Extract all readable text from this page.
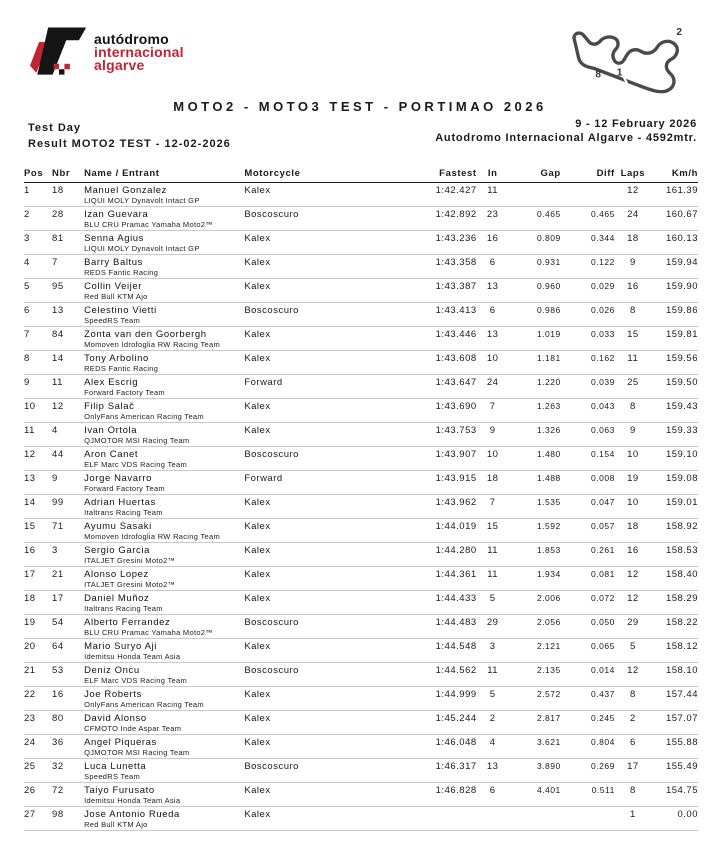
autódromo
internacional
algarve
2
1
8
MOTO2 - MOTO3 TEST - PORTIMAO 2026
Test Day
Result MOTO2 TEST - 12-02-2026
9 - 12 February 2026
Autodromo Internacional Algarve - 4592mtr.
Pos	Nbr	Name / Entrant	Motorcycle	Fastest	In	Gap	Diff	Laps	Km/h
1	18	Manuel Gonzalez
LIQUI MOLY Dynavolt Intact GP	Kalex	1:42.427	11			12	161.39
2	28	Izan Guevara
BLU CRU Pramac Yamaha Moto2™	Boscoscuro	1:42.892	23	0.465	0.465	24	160.67
3	81	Senna Agius
LIQUI MOLY Dynavolt Intact GP	Kalex	1:43.236	16	0.809	0.344	18	160.13
4	7	Barry Baltus
REDS Fantic Racing	Kalex	1:43.358	6	0.931	0.122	9	159.94
5	95	Collin Veijer
Red Bull KTM Ajo	Kalex	1:43.387	13	0.960	0.029	16	159.90
6	13	Celestino Vietti
SpeedRS Team	Boscoscuro	1:43.413	6	0.986	0.026	8	159.86
7	84	Zonta van den Goorbergh
Momoven Idrofoglia RW Racing Team	Kalex	1:43.446	13	1.019	0.033	15	159.81
8	14	Tony Arbolino
REDS Fantic Racing	Kalex	1:43.608	10	1.181	0.162	11	159.56
9	11	Alex Escrig
Forward Factory Team	Forward	1:43.647	24	1.220	0.039	25	159.50
10	12	Filip Salač
OnlyFans American Racing Team	Kalex	1:43.690	7	1.263	0.043	8	159.43
11	4	Ivan Ortola
QJMOTOR MSI Racing Team	Kalex	1:43.753	9	1.326	0.063	9	159.33
12	44	Aron Canet
ELF Marc VDS Racing Team	Boscoscuro	1:43.907	10	1.480	0.154	10	159.10
13	9	Jorge Navarro
Forward Factory Team	Forward	1:43.915	18	1.488	0.008	19	159.08
14	99	Adrian Huertas
Italtrans Racing Team	Kalex	1:43.962	7	1.535	0.047	10	159.01
15	71	Ayumu Sasaki
Momoven Idrofoglia RW Racing Team	Kalex	1:44.019	15	1.592	0.057	18	158.92
16	3	Sergio Garcia
ITALJET Gresini Moto2™	Kalex	1:44.280	11	1.853	0.261	16	158.53
17	21	Alonso Lopez
ITALJET Gresini Moto2™	Kalex	1:44.361	11	1.934	0.081	12	158.40
18	17	Daniel Muñoz
Italtrans Racing Team	Kalex	1:44.433	5	2.006	0.072	12	158.29
19	54	Alberto Ferrandez
BLU CRU Pramac Yamaha Moto2™	Boscoscuro	1:44.483	29	2.056	0.050	29	158.22
20	64	Mario Suryo Aji
Idemitsu Honda Team Asia	Kalex	1:44.548	3	2.121	0.065	5	158.12
21	53	Deniz Oncu
ELF Marc VDS Racing Team	Boscoscuro	1:44.562	11	2.135	0.014	12	158.10
22	16	Joe Roberts
OnlyFans American Racing Team	Kalex	1:44.999	5	2.572	0.437	8	157.44
23	80	David Alonso
CFMOTO Inde Aspar Team	Kalex	1:45.244	2	2.817	0.245	2	157.07
24	36	Angel Piqueras
QJMOTOR MSI Racing Team	Kalex	1:46.048	4	3.621	0.804	6	155.88
25	32	Luca Lunetta
SpeedRS Team	Boscoscuro	1:46.317	13	3.890	0.269	17	155.49
26	72	Taiyo Furusato
Idemitsu Honda Team Asia	Kalex	1:46.828	6	4.401	0.511	8	154.75
27	98	Jose Antonio Rueda
Red Bull KTM Ajo	Kalex					1	0.00
